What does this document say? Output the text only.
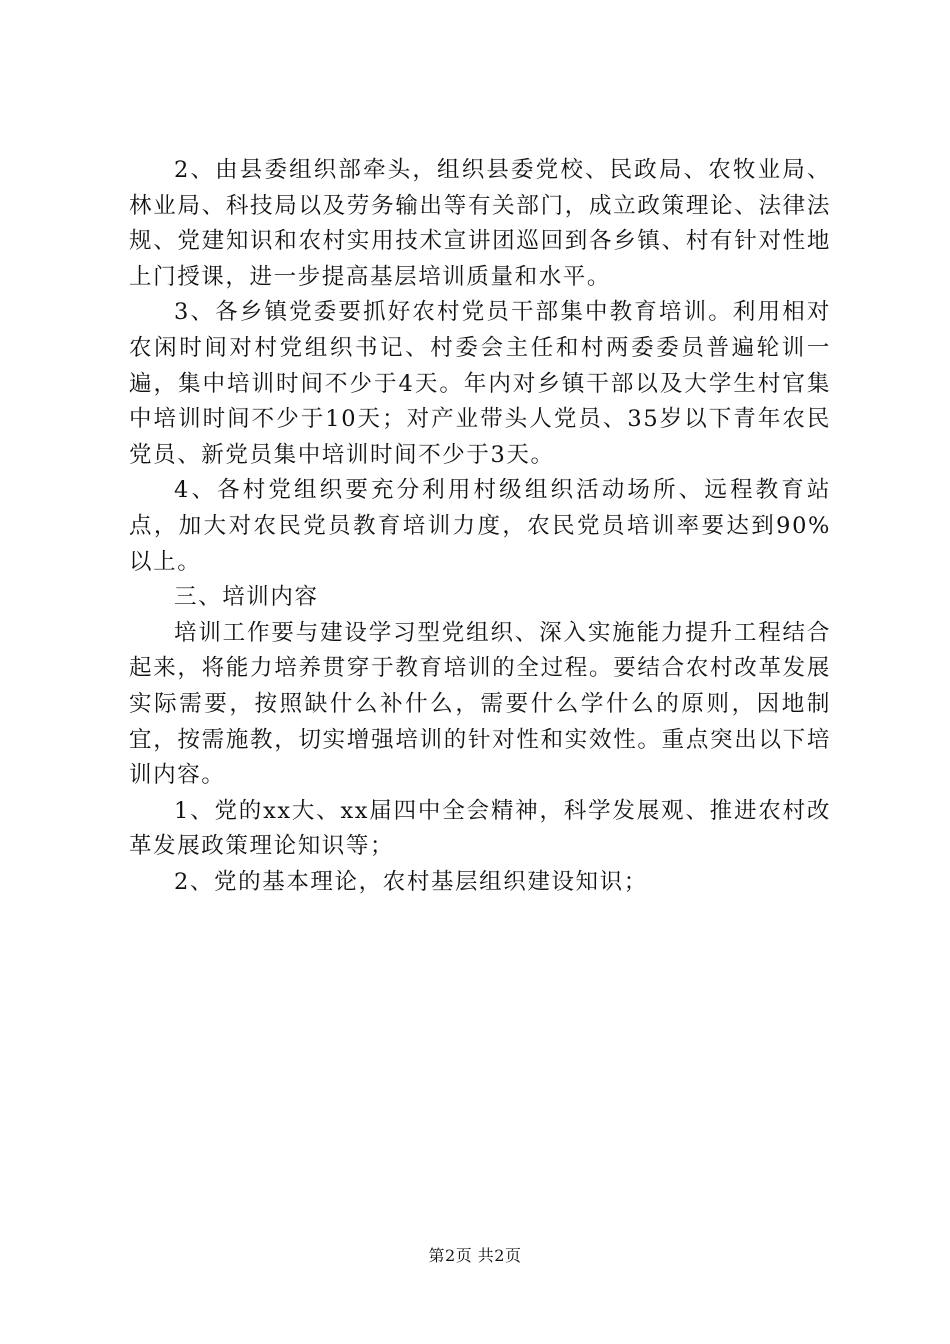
2、由县委组织部牵头，组织县委党校、民政局、农牧业局、林业局、科技局以及劳务输出等有关部门，成立政策理论、法律法规、党建知识和农村实用技术宣讲团巡回到各乡镇、村有针对性地上门授课，进一步提高基层培训质量和水平。

3、各乡镇党委要抓好农村党员干部集中教育培训。利用相对农闲时间对村党组织书记、村委会主任和村两委委员普遍轮训一遍，集中培训时间不少于4天。年内对乡镇干部以及大学生村官集中培训时间不少于10天；对产业带头人党员、35岁以下青年农民党员、新党员集中培训时间不少于3天。

4、各村党组织要充分利用村级组织活动场所、远程教育站点，加大对农民党员教育培训力度，农民党员培训率要达到90%以上。

三、培训内容

培训工作要与建设学习型党组织、深入实施能力提升工程结合起来，将能力培养贯穿于教育培训的全过程。要结合农村改革发展实际需要，按照缺什么补什么，需要什么学什么的原则，因地制宜，按需施教，切实增强培训的针对性和实效性。重点突出以下培训内容。

1、党的xx大、xx届四中全会精神，科学发展观、推进农村改革发展政策理论知识等；

2、党的基本理论，农村基层组织建设知识；

第2页 共2页
